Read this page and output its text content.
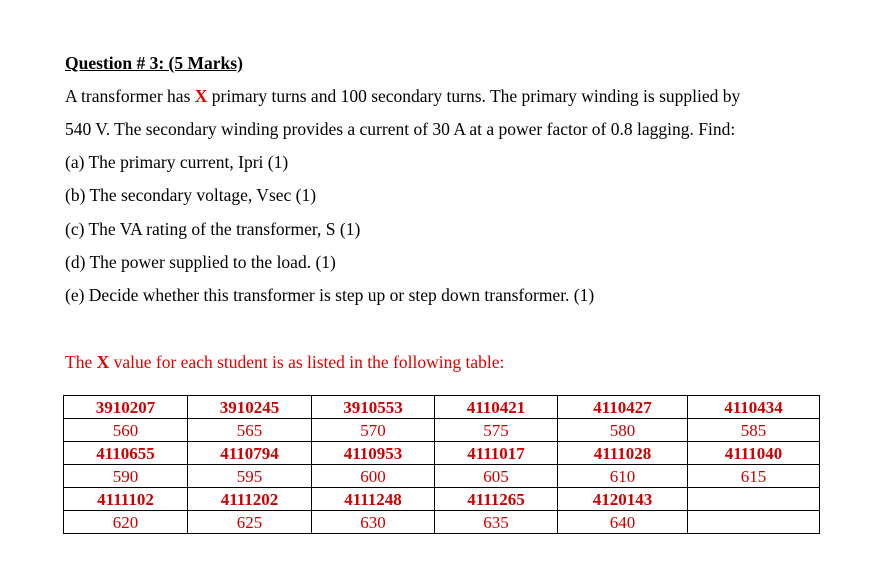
Question # 3: (5 Marks)
A transformer has X primary turns and 100 secondary turns. The primary winding is supplied by
540 V. The secondary winding provides a current of 30 A at a power factor of 0.8 lagging. Find:
(a) The primary current, Ipri (1)
(b) The secondary voltage, Vsec (1)
(c) The VA rating of the transformer, S (1)
(d) The power supplied to the load. (1)
(e) Decide whether this transformer is step up or step down transformer. (1)
The X value for each student is as listed in the following table:
3910207	3910245	3910553	4110421	4110427	4110434
560	565	570	575	580	585
4110655	4110794	4110953	4111017	4111028	4111040
590	595	600	605	610	615
4111102	4111202	4111248	4111265	4120143	
620	625	630	635	640	
